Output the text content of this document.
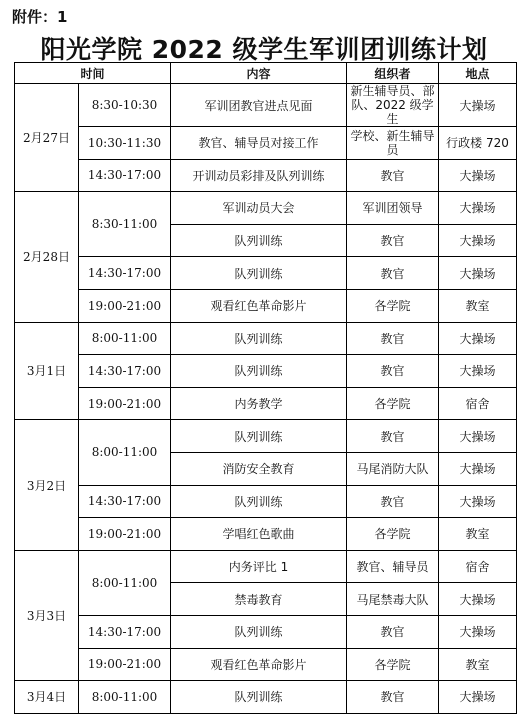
附件：1
阳光学院 2022 级学生军训团训练计划
时间		内容	组织者	地点
2月27日	8:30-10:30	军训团教官进点见面	新生辅导员、部队、2022 级学生	大操场
	10:30-11:30	教官、辅导员对接工作	学校、新生辅导员	行政楼 720
	14:30-17:00	开训动员彩排及队列训练	教官	大操场
2月28日	8:30-11:00	军训动员大会	军训团领导	大操场
		队列训练	教官	大操场
	14:30-17:00	队列训练	教官	大操场
	19:00-21:00	观看红色革命影片	各学院	教室
3月1日	8:00-11:00	队列训练	教官	大操场
	14:30-17:00	队列训练	教官	大操场
	19:00-21:00	内务教学	各学院	宿舍
3月2日	8:00-11:00	队列训练	教官	大操场
		消防安全教育	马尾消防大队	大操场
	14:30-17:00	队列训练	教官	大操场
	19:00-21:00	学唱红色歌曲	各学院	教室
3月3日	8:00-11:00	内务评比 1	教官、辅导员	宿舍
		禁毒教育	马尾禁毒大队	大操场
	14:30-17:00	队列训练	教官	大操场
	19:00-21:00	观看红色革命影片	各学院	教室
3月4日	8:00-11:00	队列训练	教官	大操场
